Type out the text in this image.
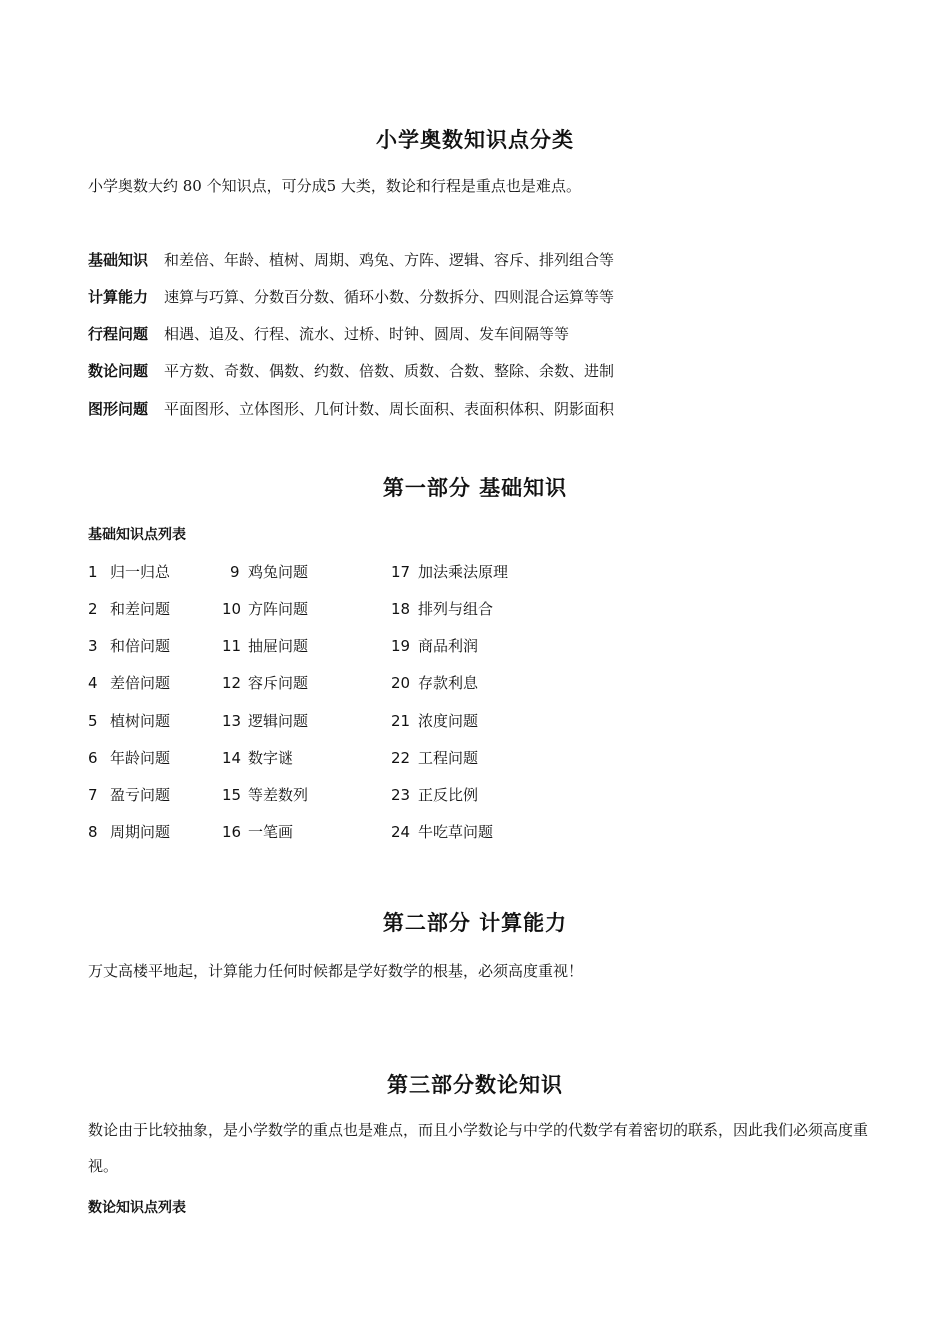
小学奥数知识点分类
小学奥数大约 80 个知识点，可分成5 大类，数论和行程是重点也是难点。
基础知识 和差倍、年龄、植树、周期、鸡兔、方阵、逻辑、容斥、排列组合等
计算能力 速算与巧算、分数百分数、循环小数、分数拆分、四则混合运算等等
行程问题 相遇、追及、行程、流水、过桥、时钟、圆周、发车间隔等等
数论问题 平方数、奇数、偶数、约数、倍数、质数、合数、整除、余数、进制
图形问题 平面图形、立体图形、几何计数、周长面积、表面积体积、阴影面积
第一部分 基础知识
基础知识点列表
1 归一归总
2 和差问题
3 和倍问题
4 差倍问题
5 植树问题
6 年龄问题
7 盈亏问题
8 周期问题
9 鸡兔问题
10 方阵问题
11 抽屉问题
12 容斥问题
13 逻辑问题
14 数字谜
15 等差数列
16 一笔画
17 加法乘法原理
18 排列与组合
19 商品利润
20 存款利息
21 浓度问题
22 工程问题
23 正反比例
24 牛吃草问题
第二部分 计算能力
万丈高楼平地起，计算能力任何时候都是学好数学的根基，必须高度重视！
第三部分数论知识
数论由于比较抽象，是小学数学的重点也是难点，而且小学数论与中学的代数学有着密切的联系，因此我们必须高度重视。
数论知识点列表
